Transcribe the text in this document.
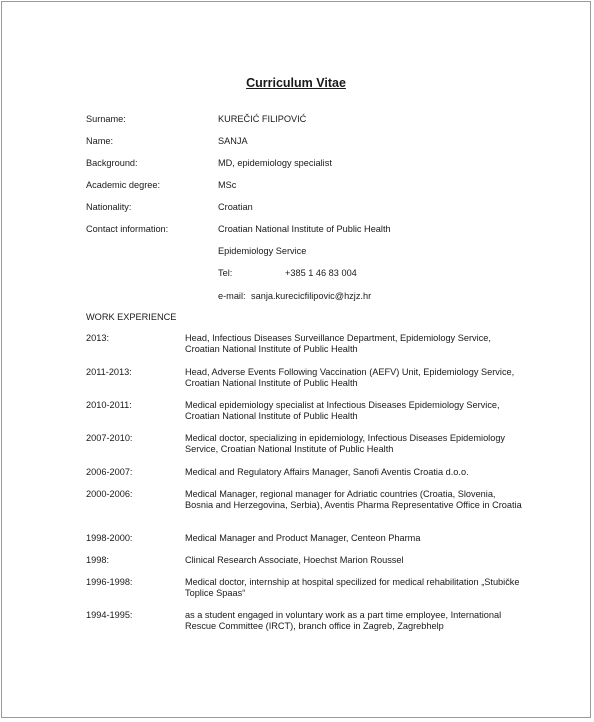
Curriculum Vitae
Surname:	KUREČIĆ FILIPOVIĆ
Name:	SANJA
Background:	MD, epidemiology specialist
Academic degree:	MSc
Nationality:	Croatian
Contact information:	Croatian National Institute of Public Health
Epidemiology Service
Tel:	+385 1 46 83 004
e-mail: sanja.kurecicfilipovic@hzjz.hr
WORK EXPERIENCE
2013:	Head, Infectious Diseases Surveillance Department, Epidemiology Service, Croatian National Institute of Public Health
2011-2013:	Head, Adverse Events Following Vaccination (AEFV) Unit, Epidemiology Service, Croatian National Institute of Public Health
2010-2011:	Medical epidemiology specialist at Infectious Diseases Epidemiology Service, Croatian National Institute of Public Health
2007-2010:	Medical doctor, specializing in epidemiology, Infectious Diseases Epidemiology Service, Croatian National Institute of Public Health
2006-2007:	Medical and Regulatory Affairs Manager, Sanofi Aventis Croatia d.o.o.
2000-2006:	Medical Manager, regional manager for Adriatic countries (Croatia, Slovenia, Bosnia and Herzegovina, Serbia), Aventis Pharma Representative Office in Croatia
1998-2000:	Medical Manager and Product Manager, Centeon Pharma
1998:	Clinical Research Associate, Hoechst Marion Roussel
1996-1998:	Medical doctor, internship at hospital specilized for medical rehabilitation „Stubičke Toplice Spaas“
1994-1995:	as a student engaged in voluntary work as a part time employee, International Rescue Committee (IRCT), branch office in Zagreb, Zagrebhelp
